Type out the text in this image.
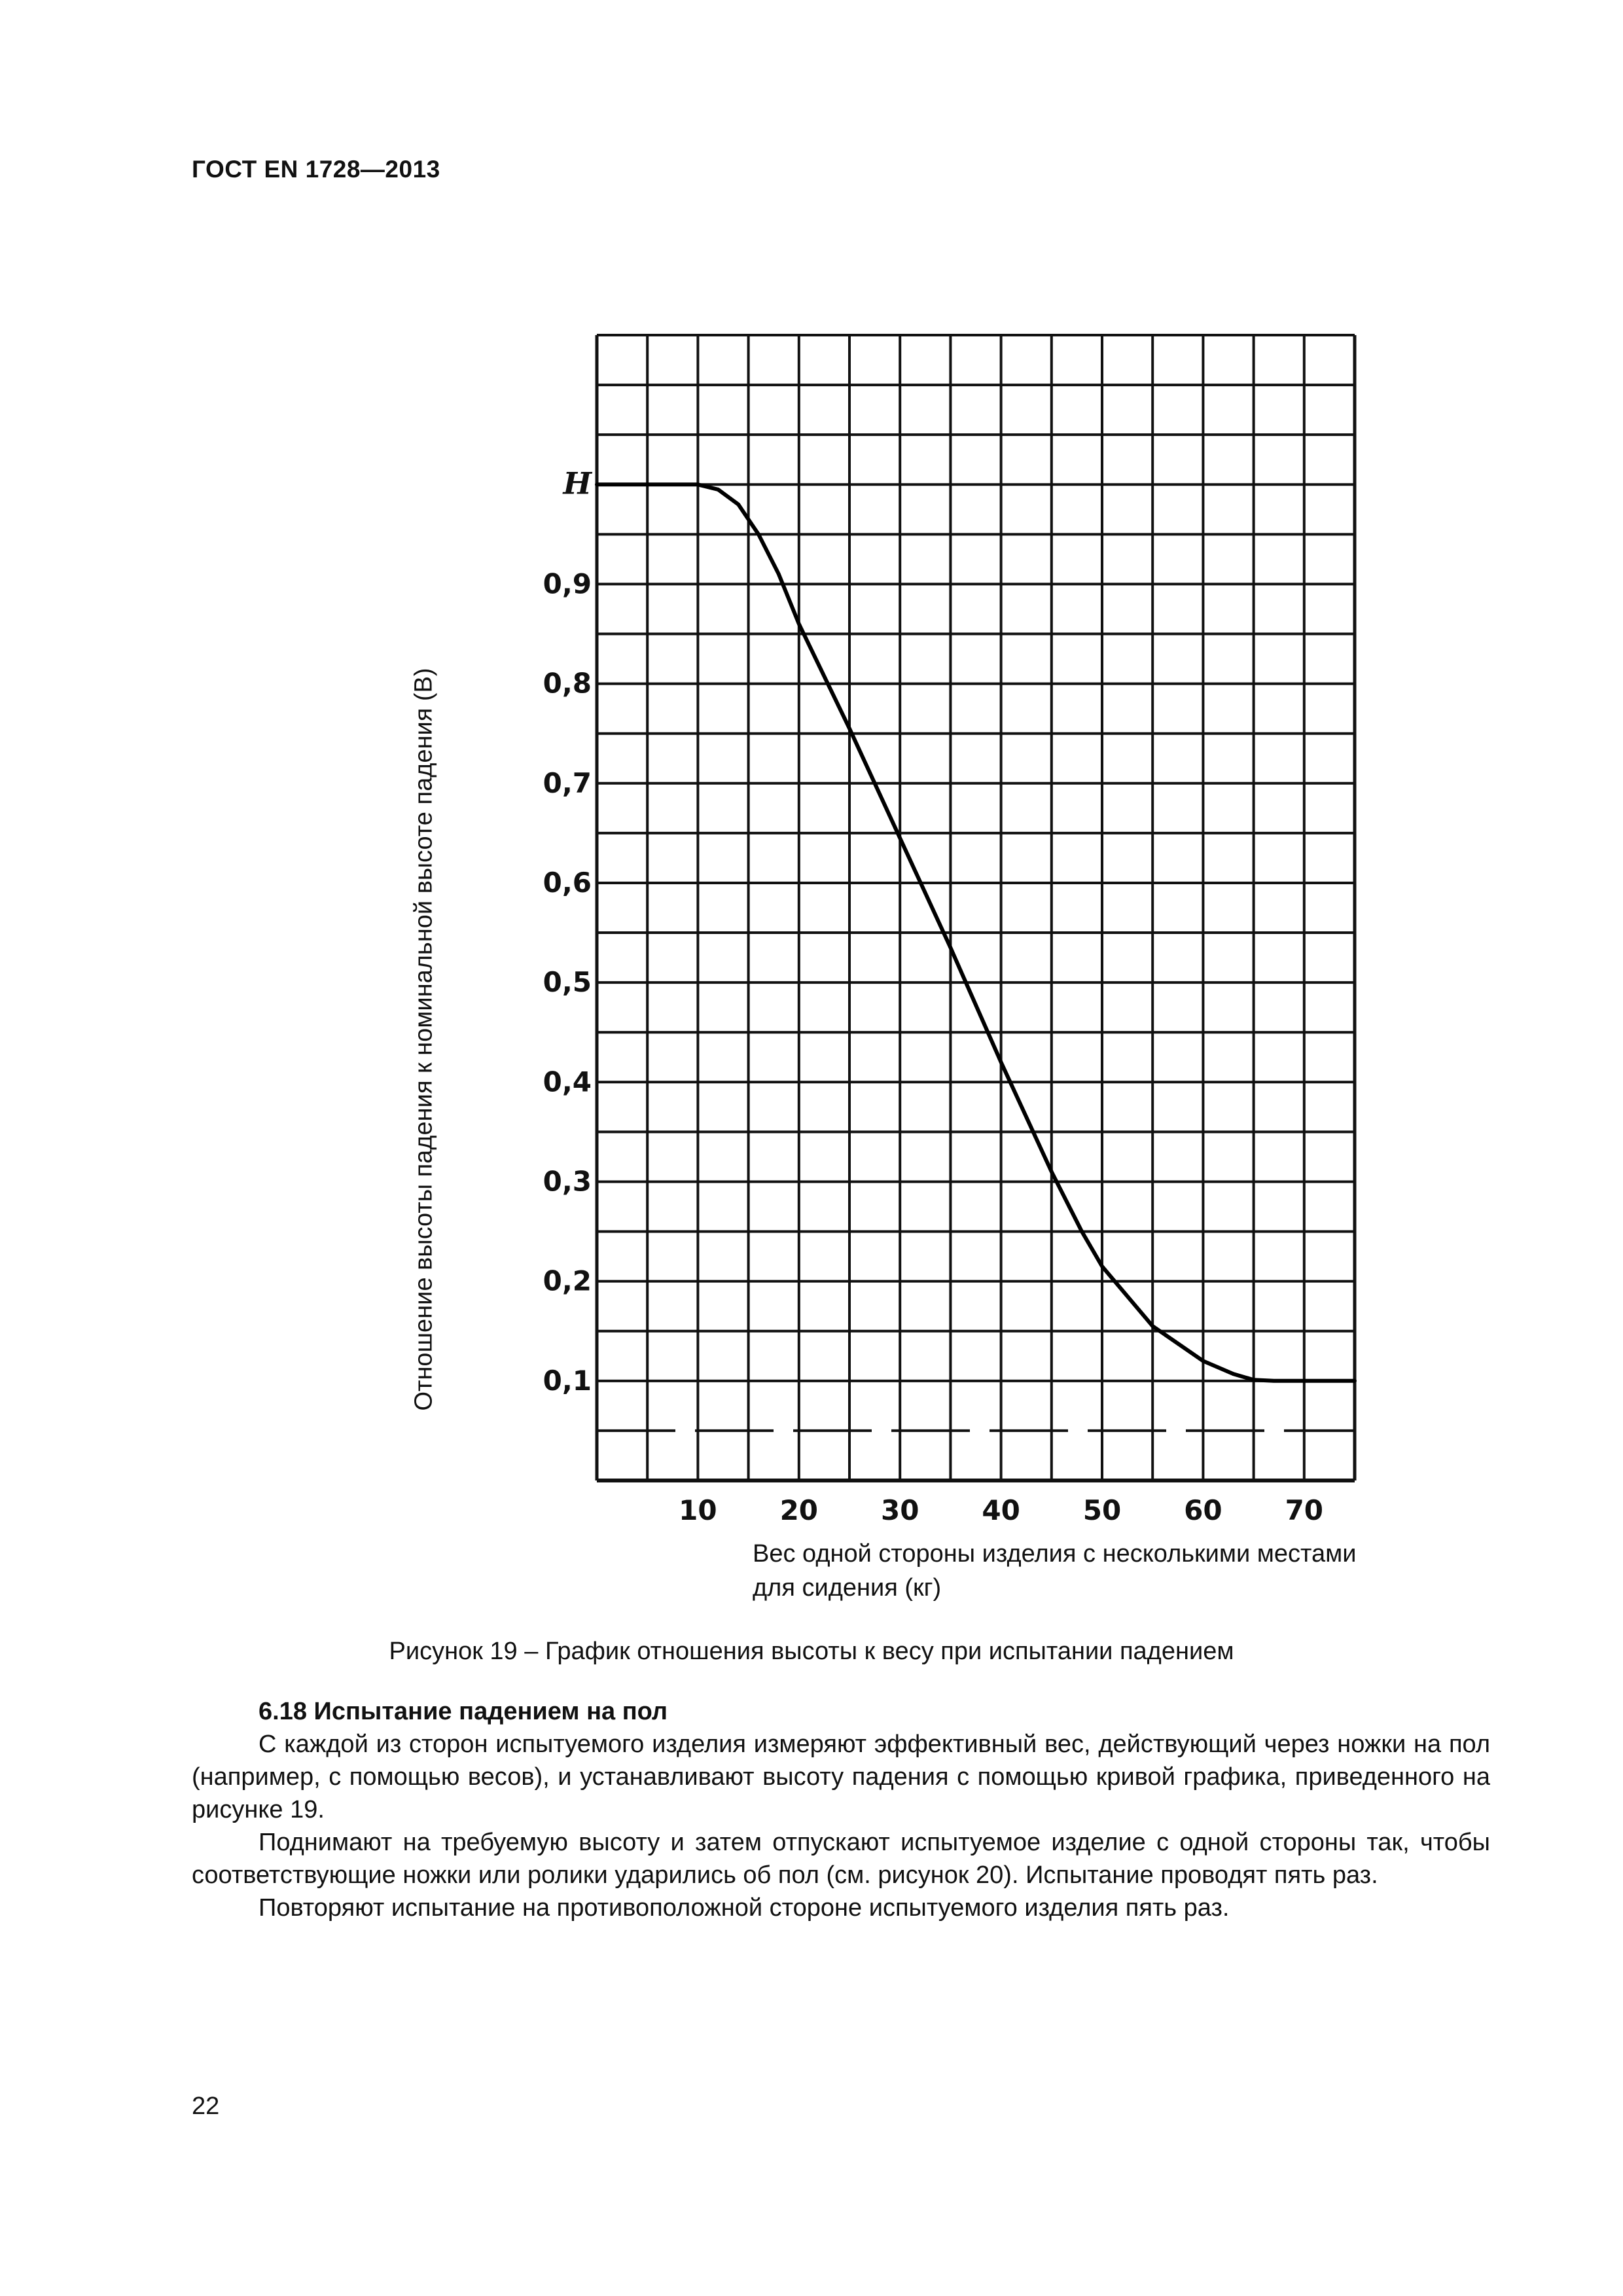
ГОСТ EN 1728—2013
10 20 30 40 50 60 70
0,1
0,2
0,3
0,4
0,5
0,6
0,7
0,8
0,9
H
Отношение высоты падения к номинальной высоте падения (B)
Вес одной стороны изделия с несколькими местами
для сидения (кг)
Рисунок 19 – График отношения высоты к весу при испытании падением
6.18 Испытание падением на пол

С каждой из сторон испытуемого изделия измеряют эффективный вес, действующий через ножки на пол (например, с помощью весов), и устанавливают высоту падения с помощью кривой графика, приведенного на рисунке 19.

Поднимают на требуемую высоту и затем отпускают испытуемое изделие с одной стороны так, чтобы соответствующие ножки или ролики ударились об пол (см. рисунок 20). Испытание проводят пять раз.

Повторяют испытание на противоположной стороне испытуемого изделия пять раз.

22
